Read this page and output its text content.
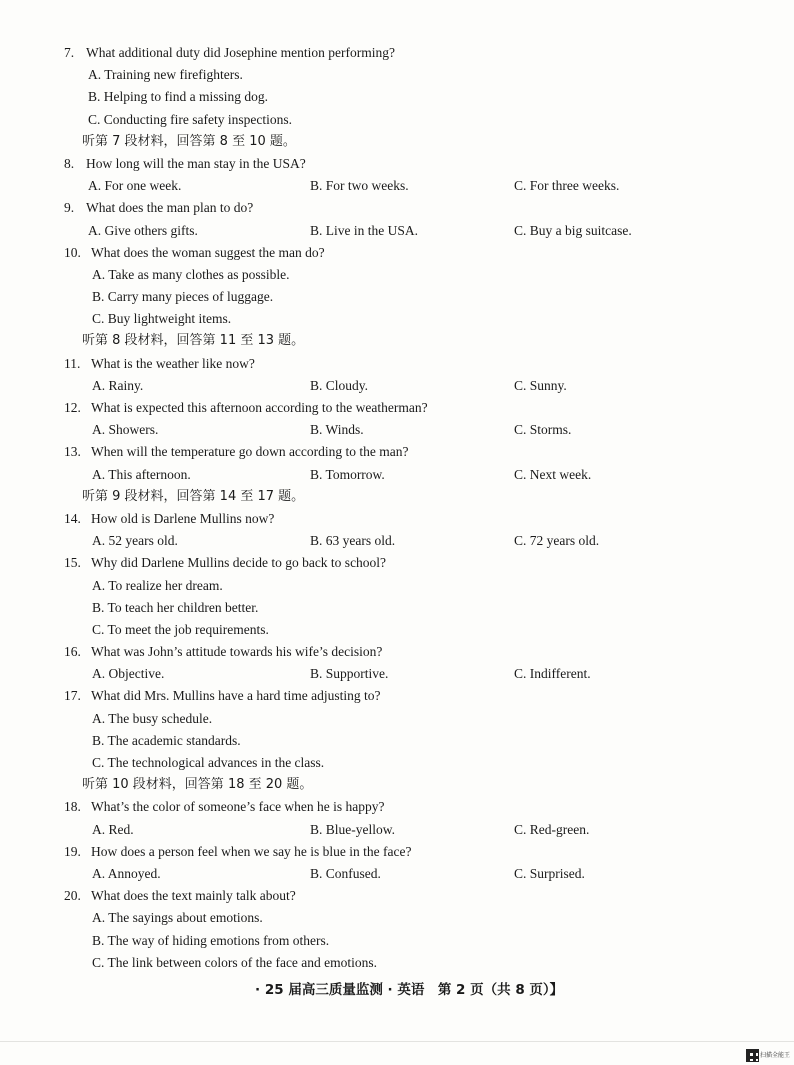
7. What additional duty did Josephine mention performing?
A. Training new firefighters.
B. Helping to find a missing dog.
C. Conducting fire safety inspections.
听第 7 段材料，回答第 8 至 10 题。
8. How long will the man stay in the USA?
A. For one week.	B. For two weeks.	C. For three weeks.
9. What does the man plan to do?
A. Give others gifts.	B. Live in the USA.	C. Buy a big suitcase.
10. What does the woman suggest the man do?
A. Take as many clothes as possible.
B. Carry many pieces of luggage.
C. Buy lightweight items.
听第 8 段材料，回答第 11 至 13 题。
11. What is the weather like now?
A. Rainy.	B. Cloudy.	C. Sunny.
12. What is expected this afternoon according to the weatherman?
A. Showers.	B. Winds.	C. Storms.
13. When will the temperature go down according to the man?
A. This afternoon.	B. Tomorrow.	C. Next week.
听第 9 段材料，回答第 14 至 17 题。
14. How old is Darlene Mullins now?
A. 52 years old.	B. 63 years old.	C. 72 years old.
15. Why did Darlene Mullins decide to go back to school?
A. To realize her dream.
B. To teach her children better.
C. To meet the job requirements.
16. What was John’s attitude towards his wife’s decision?
A. Objective.	B. Supportive.	C. Indifferent.
17. What did Mrs. Mullins have a hard time adjusting to?
A. The busy schedule.
B. The academic standards.
C. The technological advances in the class.
听第 10 段材料，回答第 18 至 20 题。
18. What’s the color of someone’s face when he is happy?
A. Red.	B. Blue-yellow.	C. Red-green.
19. How does a person feel when we say he is blue in the face?
A. Annoyed.	B. Confused.	C. Surprised.
20. What does the text mainly talk about?
A. The sayings about emotions.
B. The way of hiding emotions from others.
C. The link between colors of the face and emotions.
· 25 届高三质量监测 · 英语　第 2 页（共 8 页）】
扫描全能王
